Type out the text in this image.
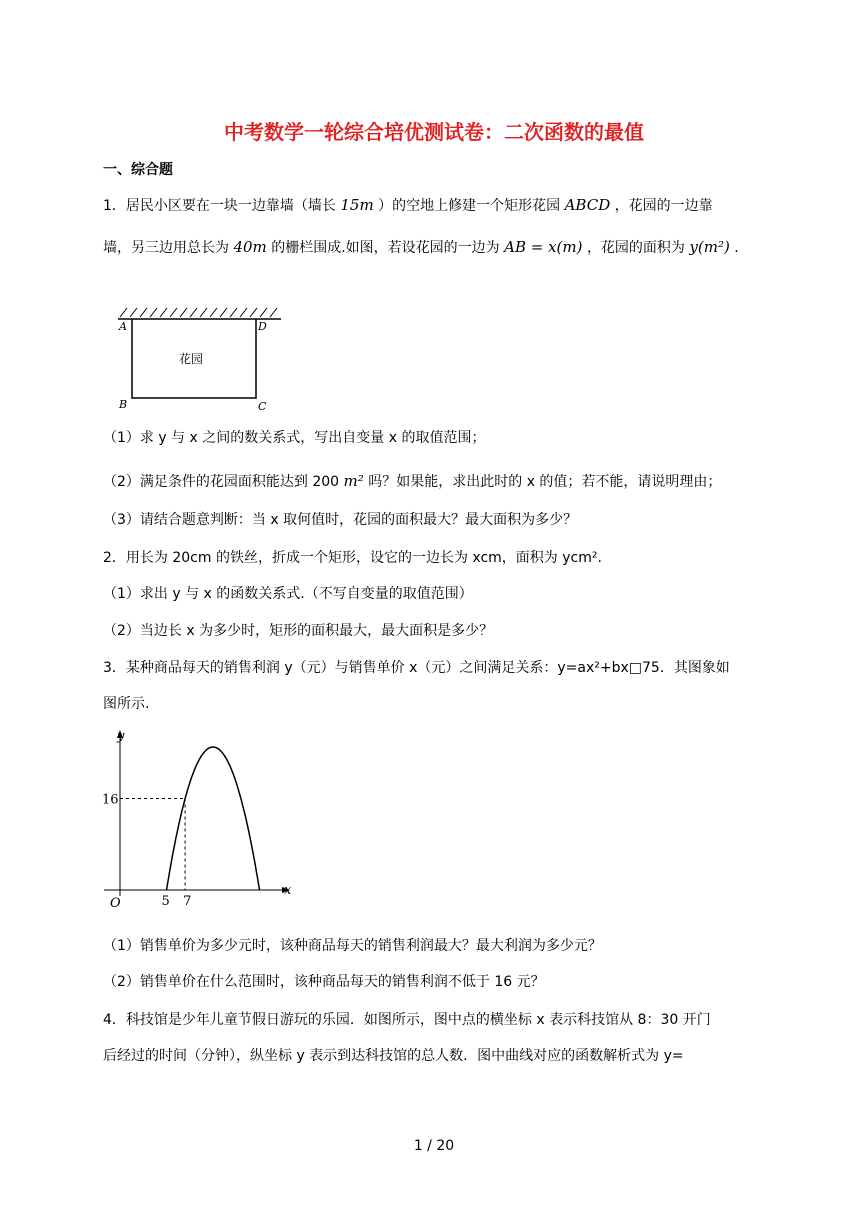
中考数学一轮综合培优测试卷：二次函数的最值
一、综合题
1．居民小区要在一块一边靠墙（墙长 15m ）的空地上修建一个矩形花园 ABCD ，花园的一边靠
墙，另三边用总长为 40m 的栅栏围成.如图，若设花园的一边为 AB = x(m) ，花园的面积为 y(m²) .
A	D
B	C
花园
（1）求 y 与 x 之间的数关系式，写出自变量 x 的取值范围；
（2）满足条件的花园面积能达到 200 m² 吗？如果能，求出此时的 x 的值；若不能，请说明理由；
（3）请结合题意判断：当 x 取何值时，花园的面积最大？最大面积为多少？
2．用长为 20cm 的铁丝，折成一个矩形，设它的一边长为 xcm，面积为 ycm².
（1）求出 y 与 x 的函数关系式.（不写自变量的取值范围）
（2）当边长 x 为多少时，矩形的面积最大，最大面积是多少？
3．某种商品每天的销售利润 y（元）与销售单价 x（元）之间满足关系：y=ax²+bx□75．其图象如
图所示.
y
x
O
16
5 7
（1）销售单价为多少元时，该种商品每天的销售利润最大？最大利润为多少元？
（2）销售单价在什么范围时，该种商品每天的销售利润不低于 16 元？
4．科技馆是少年儿童节假日游玩的乐园．如图所示，图中点的横坐标 x 表示科技馆从 8：30 开门
后经过的时间（分钟），纵坐标 y 表示到达科技馆的总人数．图中曲线对应的函数解析式为 y=
1 / 20
